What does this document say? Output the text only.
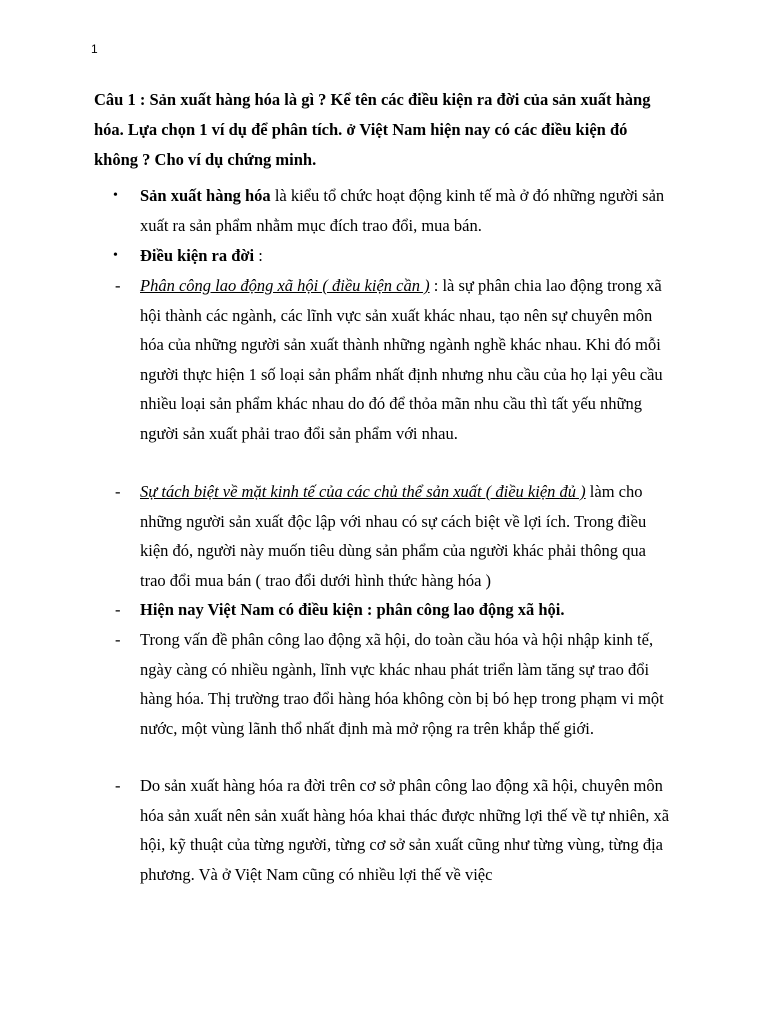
1
Câu 1 : Sản xuất hàng hóa là gì ? Kể tên các điều kiện ra đời của sản xuất hàng hóa. Lựa chọn 1 ví dụ để phân tích. ở Việt Nam hiện nay có các điều kiện đó không ? Cho ví dụ chứng minh.
•	Sản xuất hàng hóa là kiểu tổ chức hoạt động kinh tế mà ở đó những người sản xuất ra sản phẩm nhằm mục đích trao đổi, mua bán.
•	Điều kiện ra đời :
-	Phân công lao động xã hội ( điều kiện cần ) : là sự phân chia lao động trong xã hội thành các ngành, các lĩnh vực sản xuất khác nhau, tạo nên sự chuyên môn hóa của những người sản xuất thành những ngành nghề khác nhau. Khi đó mỗi người thực hiện 1 số loại sản phẩm nhất định nhưng nhu cầu của họ lại yêu cầu nhiều loại sản phẩm khác nhau do đó để thỏa mãn nhu cầu thì tất yếu những người sản xuất phải trao đổi sản phẩm với nhau.
-	Sự tách biệt về mặt kinh tế của các chủ thể sản xuất ( điều kiện đủ ) làm cho những người sản xuất độc lập với nhau có sự cách biệt về lợi ích. Trong điều kiện đó, người này muốn tiêu dùng sản phẩm của người khác phải thông qua trao đổi mua bán ( trao đổi dưới hình thức hàng hóa )
-	Hiện nay Việt Nam có điều kiện : phân công lao động xã hội.
-	Trong vấn đề phân công lao động xã hội, do toàn cầu hóa và hội nhập kinh tế, ngày càng có nhiều ngành, lĩnh vực khác nhau phát triển làm tăng sự trao đổi hàng hóa. Thị trường trao đổi hàng hóa không còn bị bó hẹp trong phạm vi một nước, một vùng lãnh thổ nhất định mà mở rộng ra trên khắp thế giới.
-	Do sản xuất hàng hóa ra đời trên cơ sở phân công lao động xã hội, chuyên môn hóa sản xuất nên sản xuất hàng hóa khai thác được những lợi thế về tự nhiên, xã hội, kỹ thuật của từng người, từng cơ sở sản xuất cũng như từng vùng, từng địa phương. Và ở Việt Nam cũng có nhiều lợi thế về việc
